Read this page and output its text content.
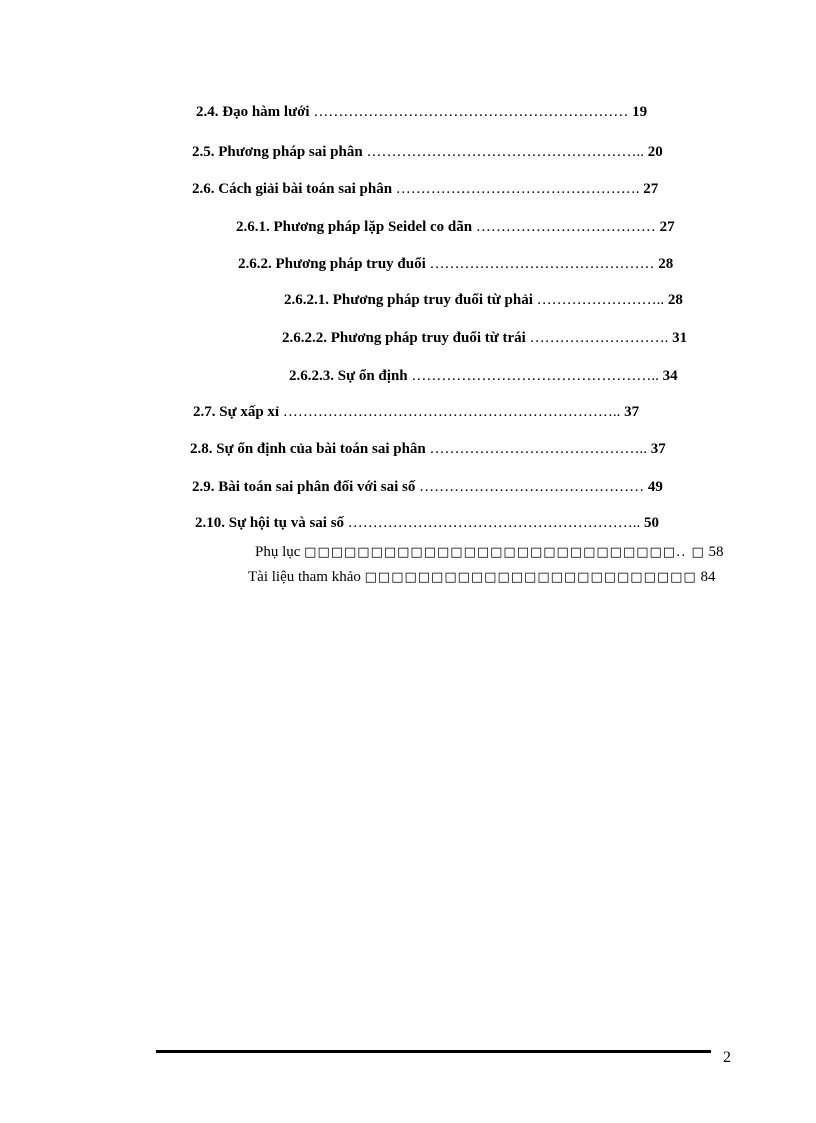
2.4. Đạo hàm lưới ……………………………………………………… 19
2.5. Phương pháp sai phân ……………………………………………….. 20
2.6. Cách giải bài toán sai phân …………………………………………. 27
2.6.1. Phương pháp lặp Seidel co dãn ……………………………… 27
2.6.2. Phương pháp truy đuổi ……………………………………… 28
2.6.2.1. Phương pháp truy đuổi từ phải …………………….. 28
2.6.2.2. Phương pháp truy đuổi từ trái ………………………. 31
2.6.2.3. Sự ổn định ………………………………………….. 34
2.7. Sự xấp xỉ ………………………………………………………….. 37
2.8. Sự ổn định của bài toán sai phân …………………………………….. 37
2.9. Bài toán sai phân đối với sai số ……………………………………… 49
2.10. Sự hội tụ và sai số ………………………………………………….. 50
Phụ lục □□□□□□□□□□□□□□□□□□□□□□□□□□□□.. □ 58
Tài liệu tham khảo □□□□□□□□□□□□□□□□□□□□□□□□□ 84
2
